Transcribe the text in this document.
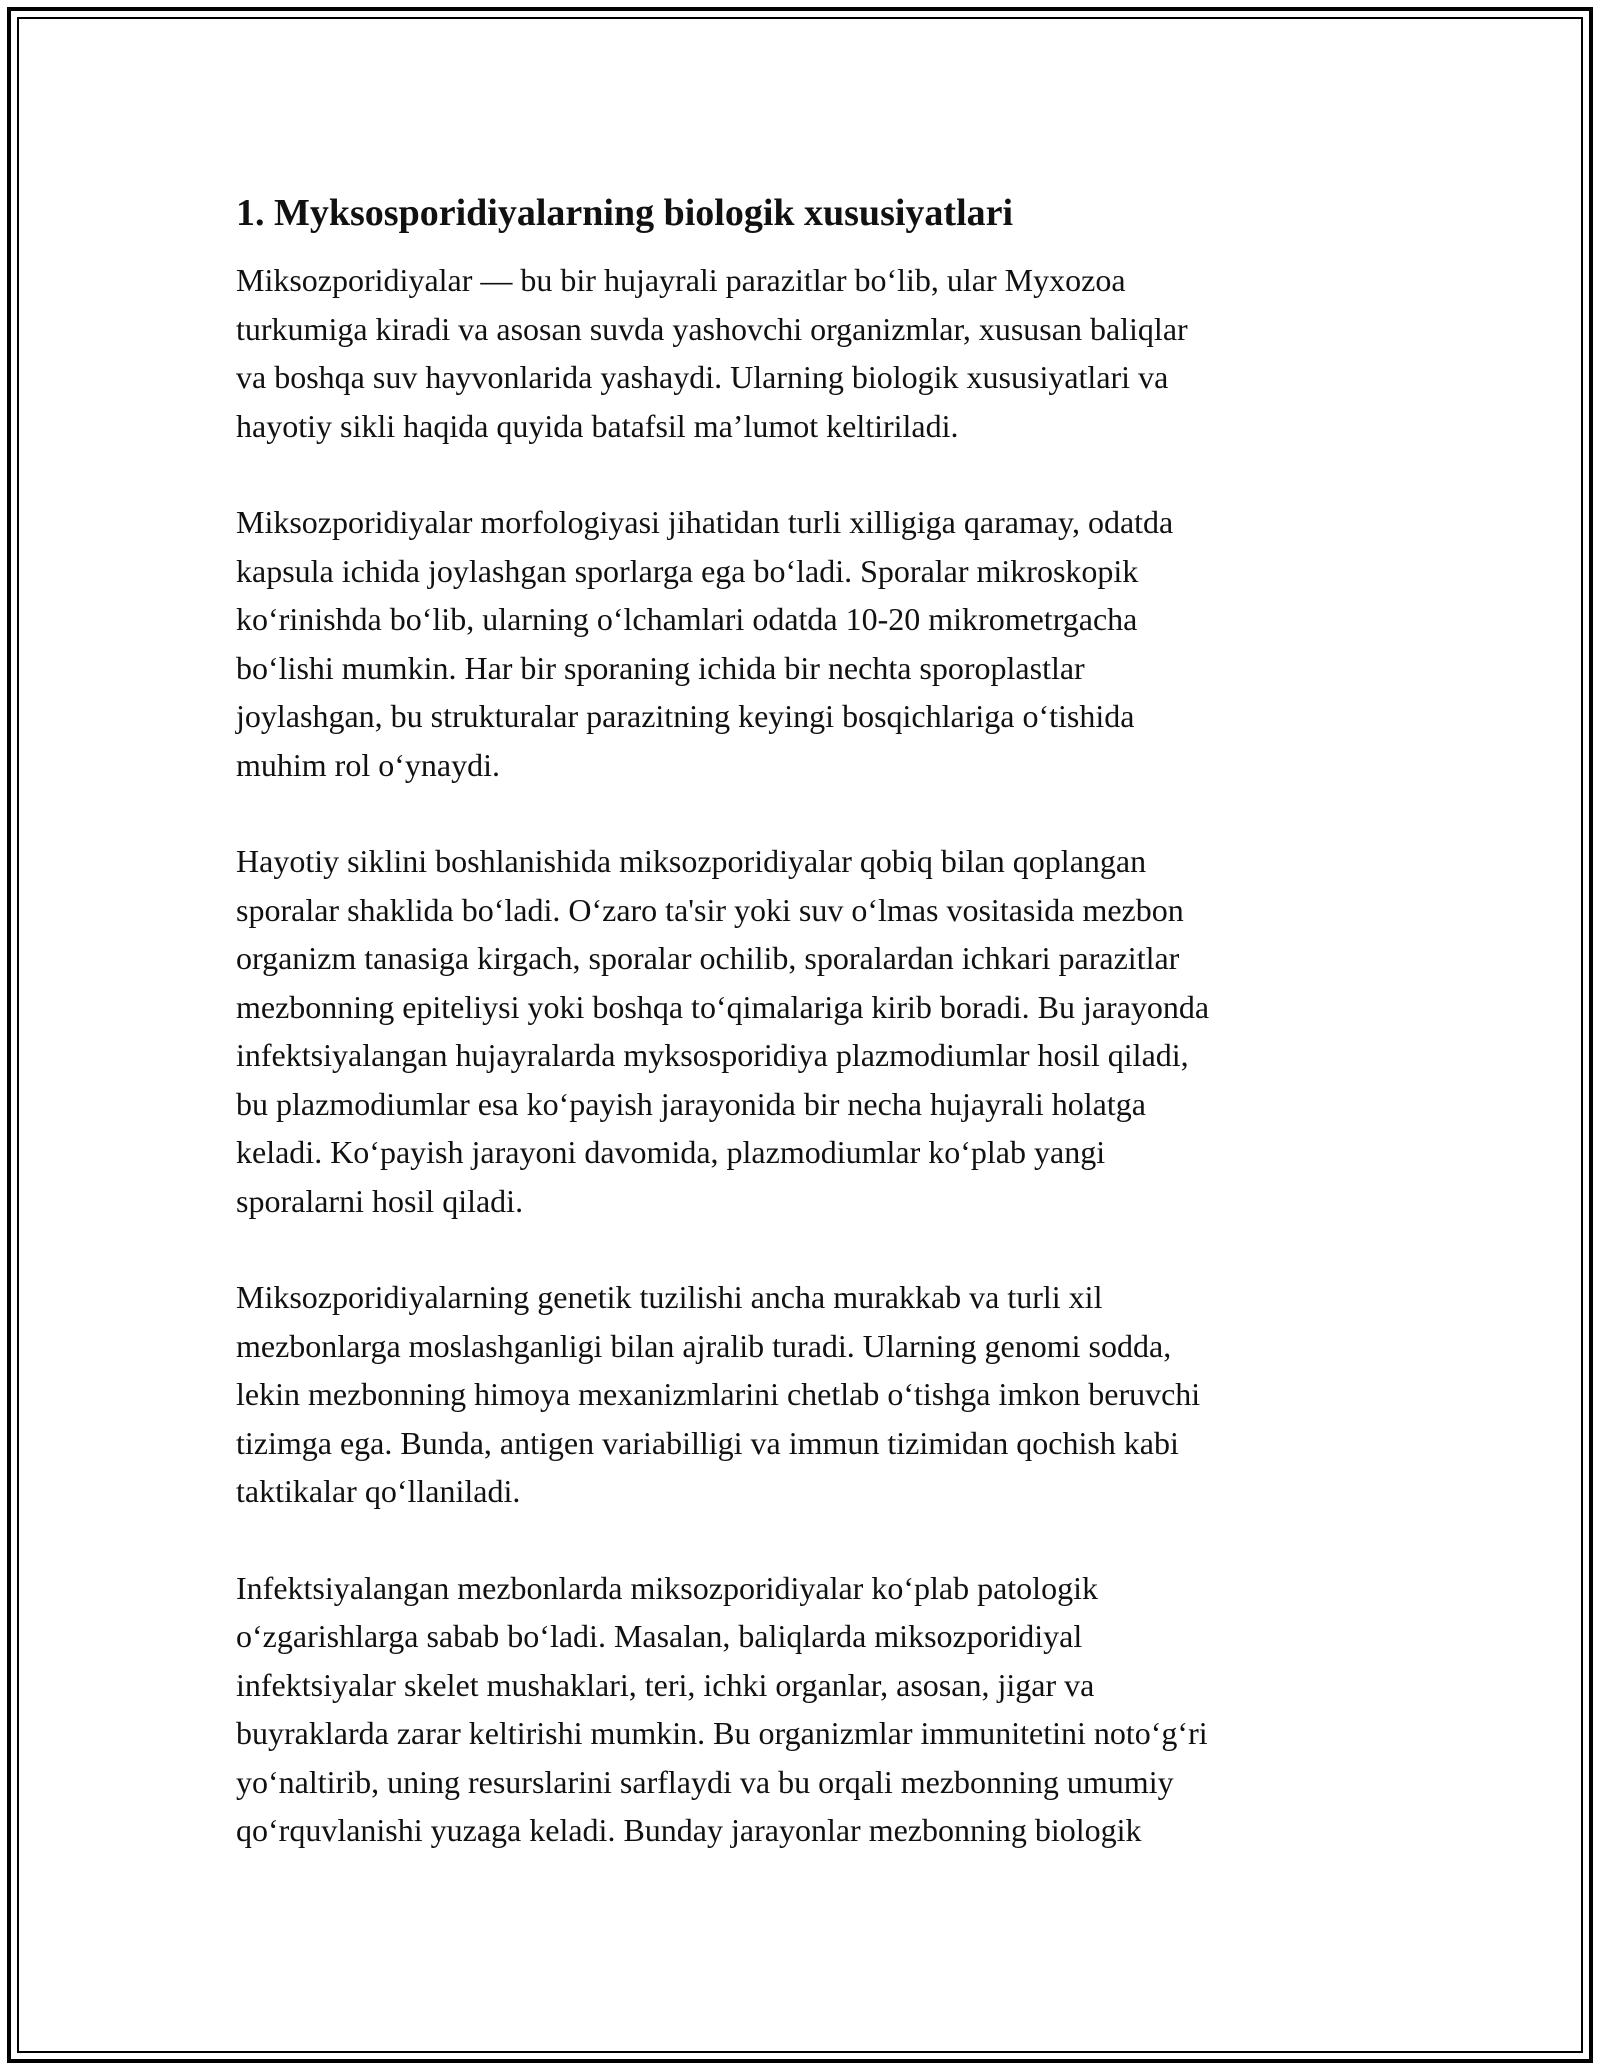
1. Myksosporidiyalarning biologik xususiyatlari

Miksozporidiyalar — bu bir hujayrali parazitlar bo‘lib, ular Myxozoa
turkumiga kiradi va asosan suvda yashovchi organizmlar, xususan baliqlar
va boshqa suv hayvonlarida yashaydi. Ularning biologik xususiyatlari va
hayotiy sikli haqida quyida batafsil ma’lumot keltiriladi.

Miksozporidiyalar morfologiyasi jihatidan turli xilligiga qaramay, odatda
kapsula ichida joylashgan sporlarga ega bo‘ladi. Sporalar mikroskopik
ko‘rinishda bo‘lib, ularning o‘lchamlari odatda 10-20 mikrometrgacha
bo‘lishi mumkin. Har bir sporaning ichida bir nechta sporoplastlar
joylashgan, bu strukturalar parazitning keyingi bosqichlariga o‘tishida
muhim rol o‘ynaydi.

Hayotiy siklini boshlanishida miksozporidiyalar qobiq bilan qoplangan
sporalar shaklida bo‘ladi. O‘zaro ta'sir yoki suv o‘lmas vositasida mezbon
organizm tanasiga kirgach, sporalar ochilib, sporalardan ichkari parazitlar
mezbonning epiteliysi yoki boshqa to‘qimalariga kirib boradi. Bu jarayonda
infektsiyalangan hujayralarda myksosporidiya plazmodiumlar hosil qiladi,
bu plazmodiumlar esa ko‘payish jarayonida bir necha hujayrali holatga
keladi. Ko‘payish jarayoni davomida, plazmodiumlar ko‘plab yangi
sporalarni hosil qiladi.

Miksozporidiyalarning genetik tuzilishi ancha murakkab va turli xil
mezbonlarga moslashganligi bilan ajralib turadi. Ularning genomi sodda,
lekin mezbonning himoya mexanizmlarini chetlab o‘tishga imkon beruvchi
tizimga ega. Bunda, antigen variabilligi va immun tizimidan qochish kabi
taktikalar qo‘llaniladi.

Infektsiyalangan mezbonlarda miksozporidiyalar ko‘plab patologik
o‘zgarishlarga sabab bo‘ladi. Masalan, baliqlarda miksozporidiyal
infektsiyalar skelet mushaklari, teri, ichki organlar, asosan, jigar va
buyraklarda zarar keltirishi mumkin. Bu organizmlar immunitetini noto‘g‘ri
yo‘naltirib, uning resurslarini sarflaydi va bu orqali mezbonning umumiy
qo‘rquvlanishi yuzaga keladi. Bunday jarayonlar mezbonning biologik
